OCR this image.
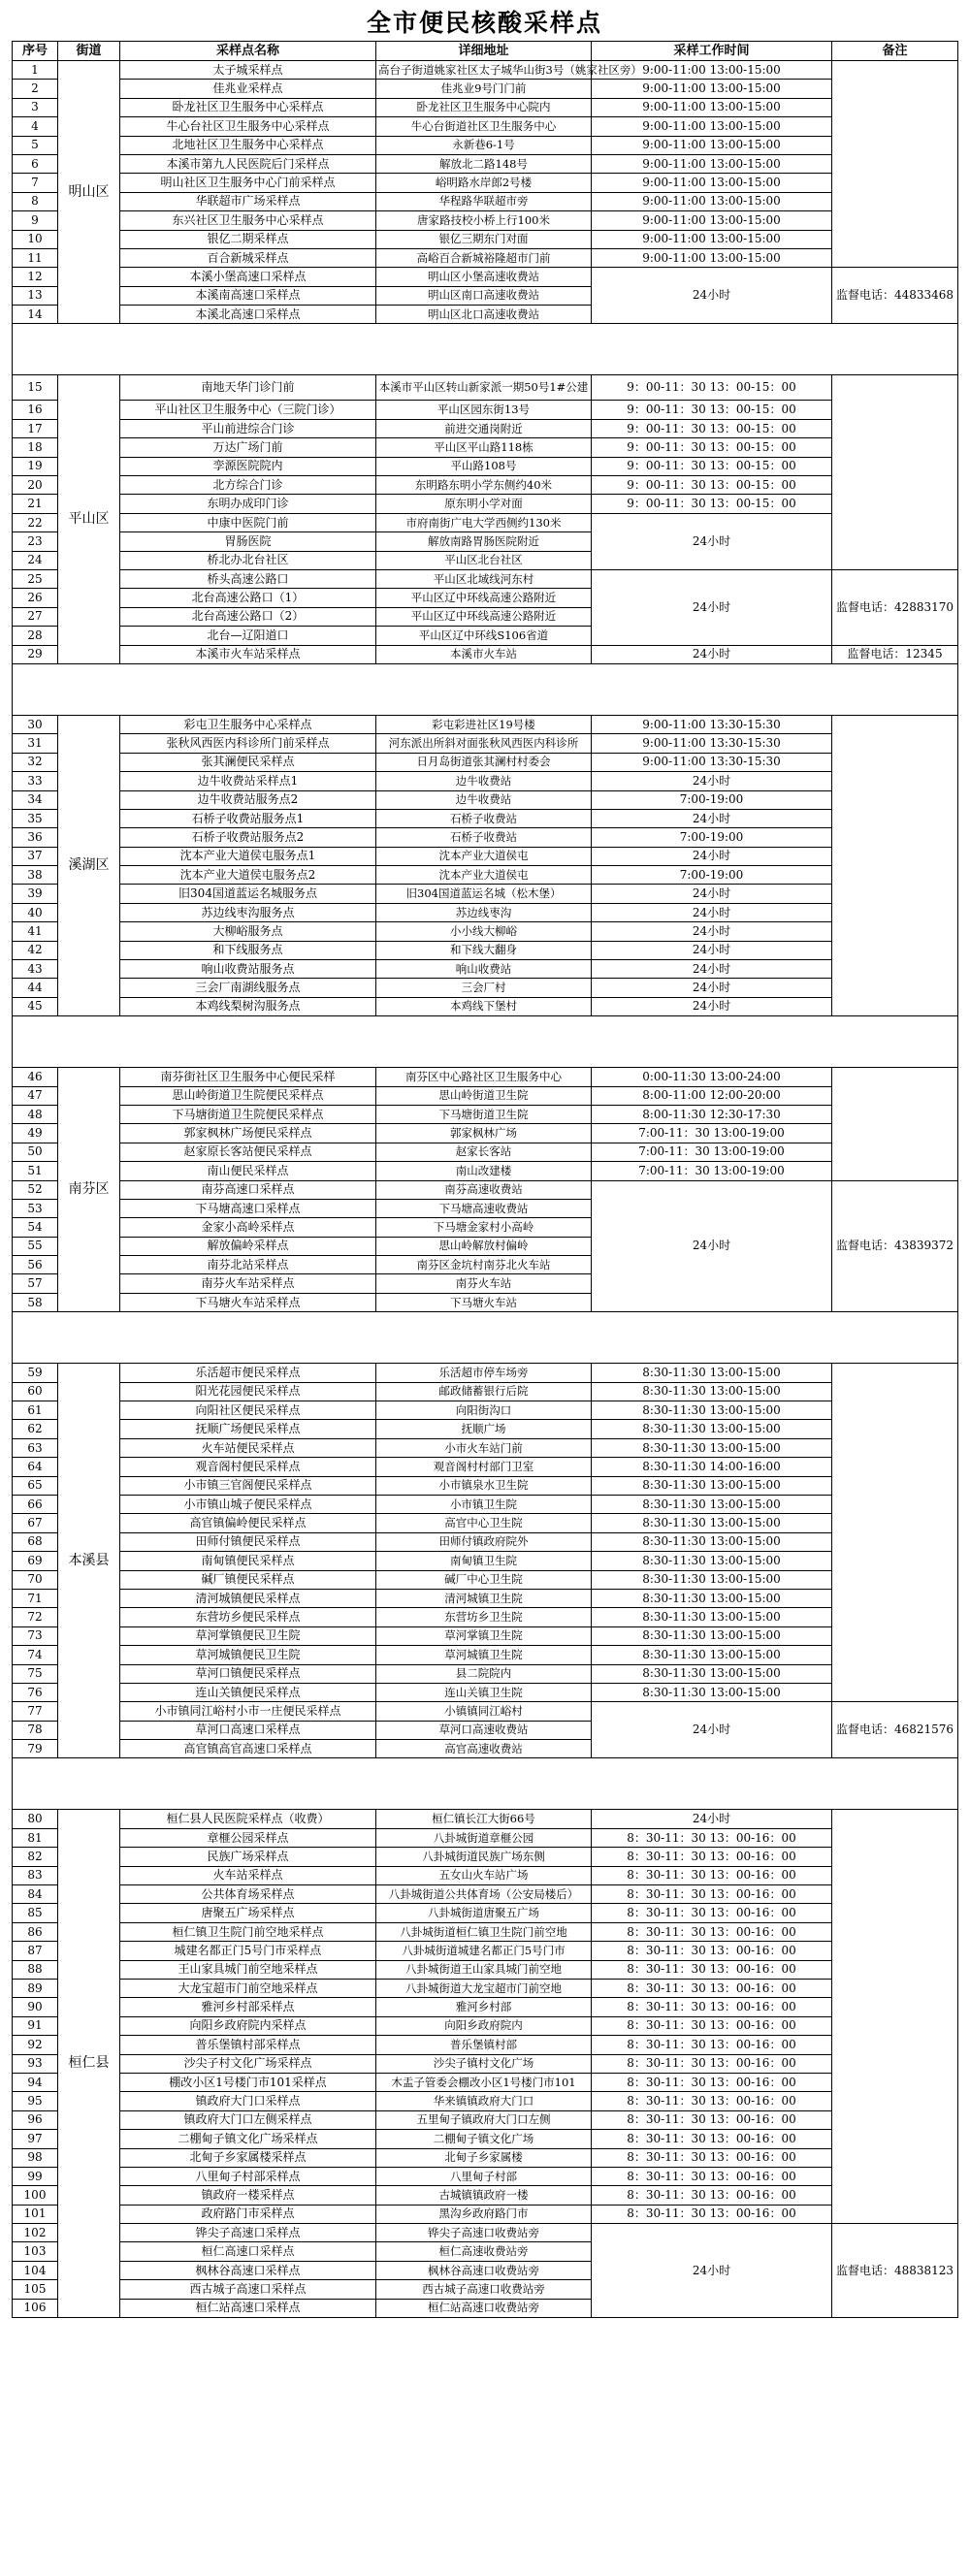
全市便民核酸采样点
序号	街道	采样点名称	详细地址	采样工作时间	备注
1	明山区	太子城采样点	高台子街道姚家社区太子城华山街3号（姚家社区旁）	9:00-11:00 13:00-15:00	
2		佳兆业采样点	佳兆业9号门门前	9:00-11:00 13:00-15:00	
3		卧龙社区卫生服务中心采样点	卧龙社区卫生服务中心院内	9:00-11:00 13:00-15:00	
4		牛心台社区卫生服务中心采样点	牛心台街道社区卫生服务中心	9:00-11:00 13:00-15:00	
5		北地社区卫生服务中心采样点	永新巷6-1号	9:00-11:00 13:00-15:00	
6		本溪市第九人民医院后门采样点	解放北二路148号	9:00-11:00 13:00-15:00	
7		明山社区卫生服务中心门前采样点	峪明路水岸郎2号楼	9:00-11:00 13:00-15:00	
8		华联超市广场采样点	华程路华联超市旁	9:00-11:00 13:00-15:00	
9		东兴社区卫生服务中心采样点	唐家路技校小桥上行100米	9:00-11:00 13:00-15:00	
10		银亿二期采样点	银亿三期东门对面	9:00-11:00 13:00-15:00	
11		百合新城采样点	高峪百合新城裕隆超市门前	9:00-11:00 13:00-15:00	
12		本溪小堡高速口采样点	明山区小堡高速收费站	24小时	监督电话：44833468
13		本溪南高速口采样点	明山区南口高速收费站		
14		本溪北高速口采样点	明山区北口高速收费站		

15	平山区	南地天华门诊门前	本溪市平山区转山新家派一期50号1#公建	9：00-11：30 13：00-15：00	
16		平山社区卫生服务中心（三院门诊）	平山区园东街13号	9：00-11：30 13：00-15：00	
17		平山前进综合门诊	前进交通岗附近	9：00-11：30 13：00-15：00	
18		万达广场门前	平山区平山路118栋	9：00-11：30 13：00-15：00	
19		孪源医院院内	平山路108号	9：00-11：30 13：00-15：00	
20		北方综合门诊	东明路东明小学东侧约40米	9：00-11：30 13：00-15：00	
21		东明办成印门诊	原东明小学对面	9：00-11：30 13：00-15：00	
22		中康中医院门前	市府南街广电大学西侧约130米	24小时	
23		胃肠医院	解放南路胃肠医院附近		
24		桥北办北台社区	平山区北台社区		
25		桥头高速公路口	平山区北域线河东村	24小时	监督电话：42883170
26		北台高速公路口（1）	平山区辽中环线高速公路附近		
27		北台高速公路口（2）	平山区辽中环线高速公路附近		
28		北台—辽阳道口	平山区辽中环线S106省道		
29		本溪市火车站采样点	本溪市火车站	24小时	监督电话：12345

30	溪湖区	彩屯卫生服务中心采样点	彩屯彩进社区19号楼	9:00-11:00 13:30-15:30	
31		张秋风西医内科诊所门前采样点	河东派出所斜对面张秋风西医内科诊所	9:00-11:00 13:30-15:30	
32		张其澜便民采样点	日月岛街道张其澜村村委会	9:00-11:00 13:30-15:30	
33		边牛收费站采样点1	边牛收费站	24小时	
34		边牛收费站服务点2	边牛收费站	7:00-19:00	
35		石桥子收费站服务点1	石桥子收费站	24小时	
36		石桥子收费站服务点2	石桥子收费站	7:00-19:00	
37		沈本产业大道侯屯服务点1	沈本产业大道侯屯	24小时	
38		沈本产业大道侯屯服务点2	沈本产业大道侯屯	7:00-19:00	
39		旧304国道蓝运名城服务点	旧304国道蓝运名城（松木堡）	24小时	
40		苏边线枣沟服务点	苏边线枣沟	24小时	
41		大柳峪服务点	小小线大柳峪	24小时	
42		和下线服务点	和下线大翻身	24小时	
43		响山收费站服务点	响山收费站	24小时	
44		三会厂南湖线服务点	三会厂村	24小时	
45		本鸡线梨树沟服务点	本鸡线下堡村	24小时	

46	南芬区	南芬街社区卫生服务中心便民采样	南芬区中心路社区卫生服务中心	0:00-11:30 13:00-24:00	
47		思山岭街道卫生院便民采样点	思山岭街道卫生院	8:00-11:00 12:00-20:00	
48		下马塘街道卫生院便民采样点	下马塘街道卫生院	8:00-11:30 12:30-17:30	
49		郭家枫林广场便民采样点	郭家枫林广场	7:00-11：30 13:00-19:00	
50		赵家原长客站便民采样点	赵家长客站	7:00-11：30 13:00-19:00	
51		南山便民采样点	南山改建楼	7:00-11：30 13:00-19:00	
52		南芬高速口采样点	南芬高速收费站	24小时	监督电话：43839372
53		下马塘高速口采样点	下马塘高速收费站		
54		金家小高岭采样点	下马塘金家村小高岭		
55		解放偏岭采样点	思山岭解放村偏岭		
56		南芬北站采样点	南芬区金坑村南芬北火车站		
57		南芬火车站采样点	南芬火车站		
58		下马塘火车站采样点	下马塘火车站		

59	本溪县	乐活超市便民采样点	乐活超市停车场旁	8:30-11:30 13:00-15:00	
60		阳光花园便民采样点	邮政储蓄银行后院	8:30-11:30 13:00-15:00	
61		向阳社区便民采样点	向阳街沟口	8:30-11:30 13:00-15:00	
62		抚顺广场便民采样点	抚顺广场	8:30-11:30 13:00-15:00	
63		火车站便民采样点	小市火车站门前	8:30-11:30 13:00-15:00	
64		观音阁村便民采样点	观音阁村村部门卫室	8:30-11:30 14:00-16:00	
65		小市镇三官阁便民采样点	小市镇泉水卫生院	8:30-11:30 13:00-15:00	
66		小市镇山城子便民采样点	小市镇卫生院	8:30-11:30 13:00-15:00	
67		高官镇偏岭便民采样点	高官中心卫生院	8:30-11:30 13:00-15:00	
68		田师付镇便民采样点	田师付镇政府院外	8:30-11:30 13:00-15:00	
69		南甸镇便民采样点	南甸镇卫生院	8:30-11:30 13:00-15:00	
70		碱厂镇便民采样点	碱厂中心卫生院	8:30-11:30 13:00-15:00	
71		清河城镇便民采样点	清河城镇卫生院	8:30-11:30 13:00-15:00	
72		东营坊乡便民采样点	东营坊乡卫生院	8:30-11:30 13:00-15:00	
73		草河掌镇便民卫生院	草河掌镇卫生院	8:30-11:30 13:00-15:00	
74		草河城镇便民卫生院	草河城镇卫生院	8:30-11:30 13:00-15:00	
75		草河口镇便民采样点	县二院院内	8:30-11:30 13:00-15:00	
76		连山关镇便民采样点	连山关镇卫生院	8:30-11:30 13:00-15:00	
77		小市镇同江峪村小市一庄便民采样点	小镇镇同江峪村	24小时	监督电话：46821576
78		草河口高速口采样点	草河口高速收费站		
79		高官镇高官高速口采样点	高官高速收费站		

80	桓仁县	桓仁县人民医院采样点（收费）	桓仁镇长江大街66号	24小时	
81		章榧公园采样点	八卦城街道章榧公园	8：30-11：30 13：00-16：00	
82		民族广场采样点	八卦城街道民族广场东侧	8：30-11：30 13：00-16：00	
83		火车站采样点	五女山火车站广场	8：30-11：30 13：00-16：00	
84		公共体育场采样点	八卦城街道公共体育场（公安局楼后）	8：30-11：30 13：00-16：00	
85		唐聚五广场采样点	八卦城街道唐聚五广场	8：30-11：30 13：00-16：00	
86		桓仁镇卫生院门前空地采样点	八卦城街道桓仁镇卫生院门前空地	8：30-11：30 13：00-16：00	
87		城建名都正门5号门市采样点	八卦城街道城建名都正门5号门市	8：30-11：30 13：00-16：00	
88		王山家具城门前空地采样点	八卦城街道王山家具城门前空地	8：30-11：30 13：00-16：00	
89		大龙宝超市门前空地采样点	八卦城街道大龙宝超市门前空地	8：30-11：30 13：00-16：00	
90		雅河乡村部采样点	雅河乡村部	8：30-11：30 13：00-16：00	
91		向阳乡政府院内采样点	向阳乡政府院内	8：30-11：30 13：00-16：00	
92		普乐堡镇村部采样点	普乐堡镇村部	8：30-11：30 13：00-16：00	
93		沙尖子村文化广场采样点	沙尖子镇村文化广场	8：30-11：30 13：00-16：00	
94		棚改小区1号楼门市101采样点	木盂子管委会棚改小区1号楼门市101	8：30-11：30 13：00-16：00	
95		镇政府大门口采样点	华来镇镇政府大门口	8：30-11：30 13：00-16：00	
96		镇政府大门口左侧采样点	五里甸子镇政府大门口左侧	8：30-11：30 13：00-16：00	
97		二棚甸子镇文化广场采样点	二棚甸子镇文化广场	8：30-11：30 13：00-16：00	
98		北甸子乡家属楼采样点	北甸子乡家属楼	8：30-11：30 13：00-16：00	
99		八里甸子村部采样点	八里甸子村部	8：30-11：30 13：00-16：00	
100		镇政府一楼采样点	古城镇镇政府一楼	8：30-11：30 13：00-16：00	
101		政府路门市采样点	黑沟乡政府路门市	8：30-11：30 13：00-16：00	
102		铧尖子高速口采样点	铧尖子高速口收费站旁	24小时	监督电话：48838123
103		桓仁高速口采样点	桓仁高速收费站旁		
104		枫林谷高速口采样点	枫林谷高速口收费站旁		
105		西古城子高速口采样点	西古城子高速口收费站旁		
106		桓仁站高速口采样点	桓仁站高速口收费站旁		
